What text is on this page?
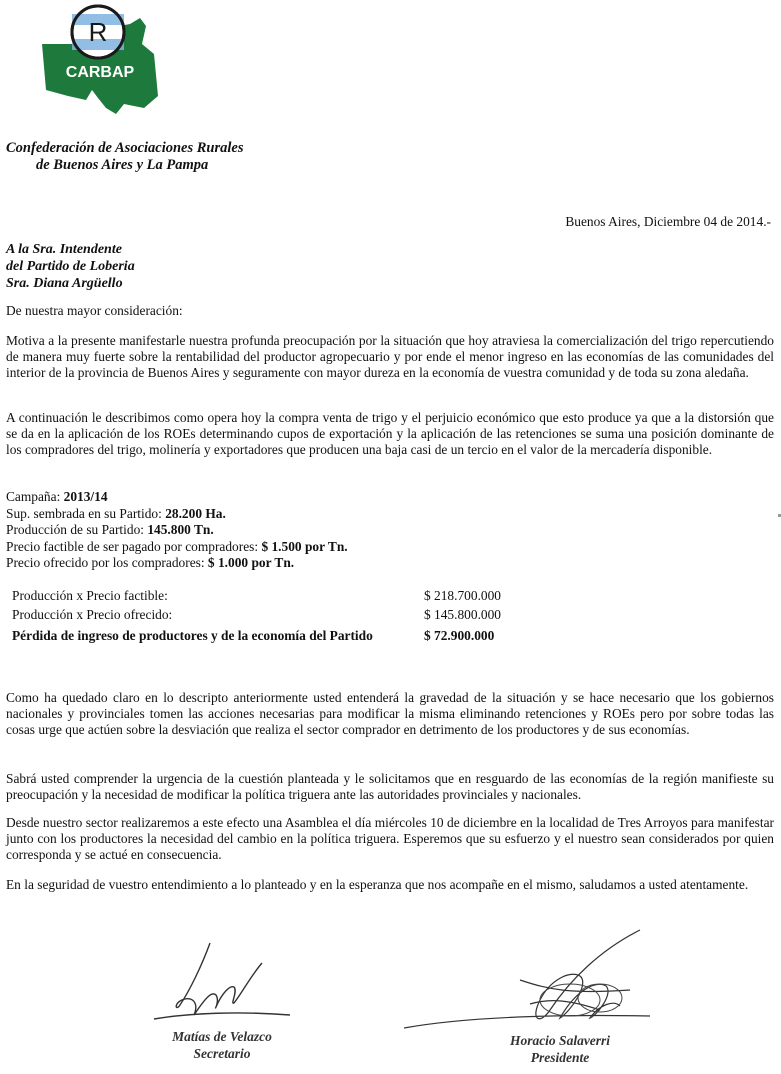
R
CARBAP
Confederación de Asociaciones Rurales
de Buenos Aires y La Pampa
Buenos Aires, Diciembre 04 de 2014.-
A la Sra. Intendente
del Partido de Loberia
Sra. Diana Argüello

De nuestra mayor consideración:

Motiva a la presente manifestarle nuestra profunda preocupación por la situación que hoy atraviesa la comercialización del trigo repercutiendo de manera muy fuerte sobre la rentabilidad del productor agropecuario y por ende el menor ingreso en las economías de las comunidades del interior de la provincia de Buenos Aires y seguramente con mayor dureza en la economía de vuestra comunidad y de toda su zona aledaña.

A continuación le describimos como opera hoy la compra venta de trigo y el perjuicio económico que esto produce ya que a la distorsión que se da en la aplicación de los ROEs determinando cupos de exportación y la aplicación de las retenciones se suma una posición dominante de los compradores del trigo, molinería y exportadores que producen una baja casi de un tercio en el valor de la mercadería disponible.

Campaña: 2013/14
Sup. sembrada en su Partido: 28.200 Ha.
Producción de su Partido: 145.800 Tn.
Precio factible de ser pagado por compradores: $ 1.500 por Tn.
Precio ofrecido por los compradores: $ 1.000 por Tn.
Producción x Precio factible:	$ 218.700.000
Producción x Precio ofrecido:	$ 145.800.000
Pérdida de ingreso de productores y de la economía del Partido	$ 72.900.000

Como ha quedado claro en lo descripto anteriormente usted entenderá la gravedad de la situación y se hace necesario que los gobiernos nacionales y provinciales tomen las acciones necesarias para modificar la misma eliminando retenciones y ROEs pero por sobre todas las cosas urge que actúen sobre la desviación que realiza el sector comprador en detrimento de los productores y de sus economías.

Sabrá usted comprender la urgencia de la cuestión planteada y le solicitamos que en resguardo de las economías de la región manifieste su preocupación y la necesidad de modificar la política triguera ante las autoridades provinciales y nacionales.

Desde nuestro sector realizaremos a este efecto una Asamblea el día miércoles 10 de diciembre en la localidad de Tres Arroyos para manifestar junto con los productores la necesidad del cambio en la política triguera. Esperemos que su esfuerzo y el nuestro sean considerados por quien corresponda y se actué en consecuencia.

En la seguridad de vuestro entendimiento a lo planteado y en la esperanza que nos acompañe en el mismo, saludamos a usted atentamente.

Matías de Velazco
Secretario
Horacio Salaverri
Presidente
